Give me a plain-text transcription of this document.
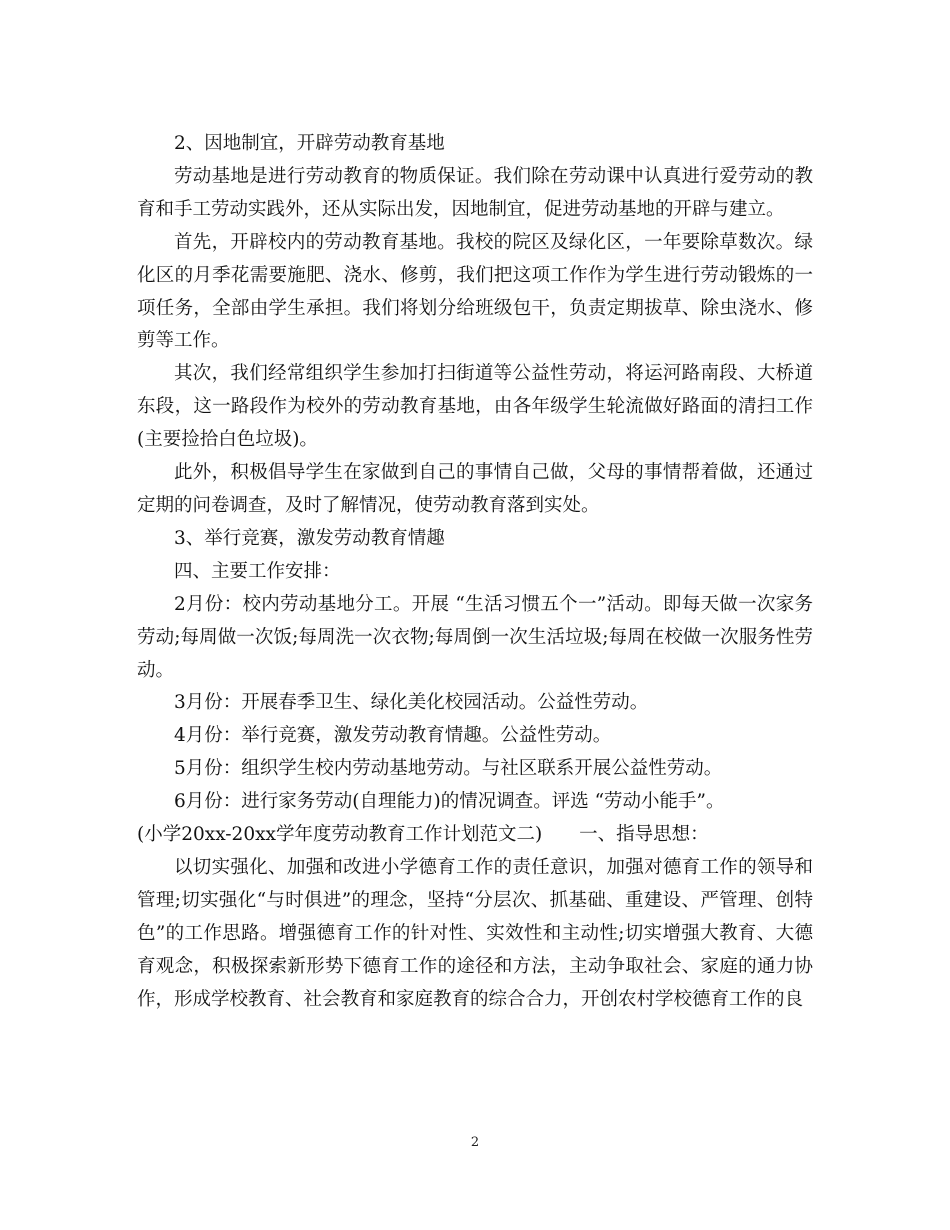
2、因地制宜，开辟劳动教育基地

劳动基地是进行劳动教育的物质保证。我们除在劳动课中认真进行爱劳动的教育和手工劳动实践外，还从实际出发，因地制宜，促进劳动基地的开辟与建立。

首先，开辟校内的劳动教育基地。我校的院区及绿化区，一年要除草数次。绿化区的月季花需要施肥、浇水、修剪，我们把这项工作作为学生进行劳动锻炼的一项任务，全部由学生承担。我们将划分给班级包干，负责定期拔草、除虫浇水、修剪等工作。

其次，我们经常组织学生参加打扫街道等公益性劳动，将运河路南段、大桥道东段，这一路段作为校外的劳动教育基地，由各年级学生轮流做好路面的清扫工作(主要捡拾白色垃圾)。

此外，积极倡导学生在家做到自己的事情自己做，父母的事情帮着做，还通过定期的问卷调查，及时了解情况，使劳动教育落到实处。

3、举行竞赛，激发劳动教育情趣

四、主要工作安排：

2月份：校内劳动基地分工。开展 “生活习惯五个一”活动。即每天做一次家务劳动;每周做一次饭;每周洗一次衣物;每周倒一次生活垃圾;每周在校做一次服务性劳动。

3月份：开展春季卫生、绿化美化校园活动。公益性劳动。

4月份：举行竞赛，激发劳动教育情趣。公益性劳动。

5月份：组织学生校内劳动基地劳动。与社区联系开展公益性劳动。

6月份：进行家务劳动(自理能力)的情况调查。评选 “劳动小能手”。

(小学20xx-20xx学年度劳动教育工作计划范文二)　　一、指导思想：

以切实强化、加强和改进小学德育工作的责任意识，加强对德育工作的领导和管理;切实强化“与时俱进”的理念，坚持“分层次、抓基础、重建设、严管理、创特色”的工作思路。增强德育工作的针对性、实效性和主动性;切实增强大教育、大德育观念，积极探索新形势下德育工作的途径和方法，主动争取社会、家庭的通力协作，形成学校教育、社会教育和家庭教育的综合合力，开创农村学校德育工作的良

2
